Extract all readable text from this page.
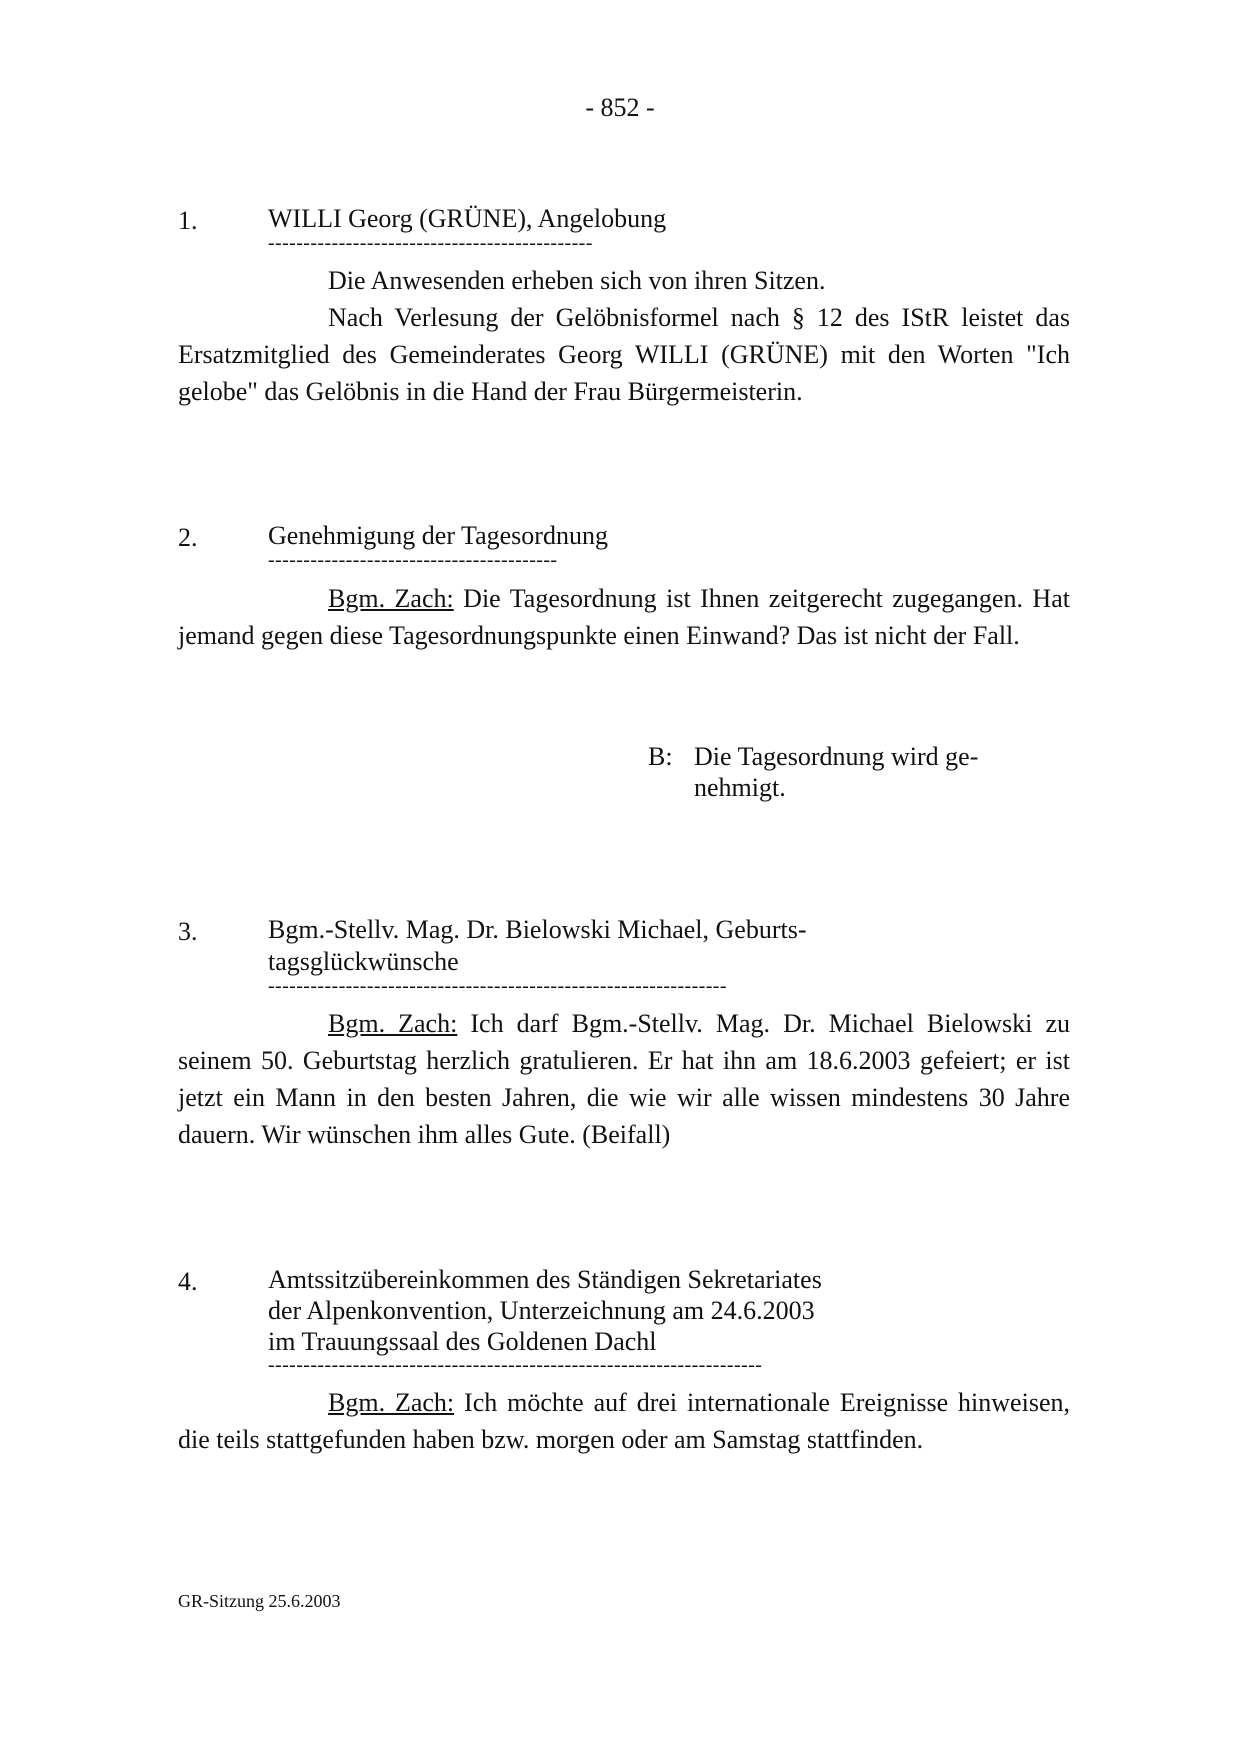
- 852 -
1.	WILLI Georg (GRÜNE), Angelobung
----------------------------------------------

Die Anwesenden erheben sich von ihren Sitzen.

Nach Verlesung der Gelöbnisformel nach § 12 des IStR leistet das Ersatzmitglied des Gemeinderates Georg WILLI (GRÜNE) mit den Worten "Ich gelobe" das Gelöbnis in die Hand der Frau Bürgermeisterin.

2.	Genehmigung der Tagesordnung
-----------------------------------------

Bgm. Zach: Die Tagesordnung ist Ihnen zeitgerecht zugegangen. Hat jemand gegen diese Tagesordnungspunkte einen Einwand? Das ist nicht der Fall.

B: Die Tagesordnung wird ge-
nehmigt.
3.	Bgm.-Stellv. Mag. Dr. Bielowski Michael, Geburts-
tagsglückwünsche
-----------------------------------------------------------------

Bgm. Zach: Ich darf Bgm.-Stellv. Mag. Dr. Michael Bielowski zu seinem 50. Geburtstag herzlich gratulieren. Er hat ihn am 18.6.2003 gefeiert; er ist jetzt ein Mann in den besten Jahren, die wie wir alle wissen mindestens 30 Jahre dauern. Wir wünschen ihm alles Gute. (Beifall)

4.	Amtssitzübereinkommen des Ständigen Sekretariates
der Alpenkonvention, Unterzeichnung am 24.6.2003
im Trauungssaal des Goldenen Dachl
----------------------------------------------------------------------

Bgm. Zach: Ich möchte auf drei internationale Ereignisse hinweisen, die teils stattgefunden haben bzw. morgen oder am Samstag stattfinden.

GR-Sitzung 25.6.2003
